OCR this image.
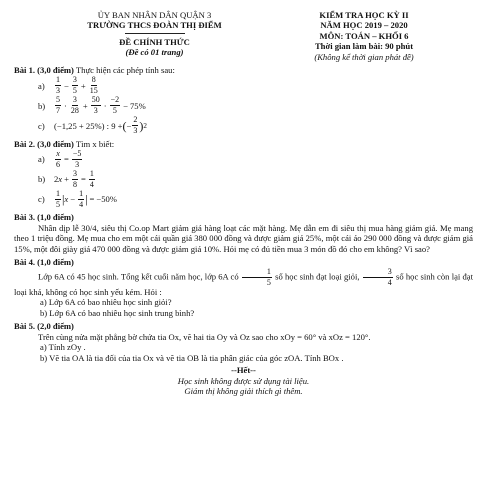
ỦY BAN NHÂN DÂN QUẬN 3
TRƯỜNG THCS ĐOÀN THỊ ĐIỂM
ĐỀ CHÍNH THỨC
(Đề có 01 trang)
KIỂM TRA HỌC KỲ II
NĂM HỌC 2019 – 2020
MÔN: TOÁN – KHỐI 6
Thời gian làm bài: 90 phút
(Không kể thời gian phát đề)
Bài 1. (3,0 điểm) Thực hiện các phép tính sau:
a)	$\frac{1}{3} - \frac{3}{5} + \frac{8}{15}$
b)	$\frac{5}{7} \cdot \frac{3}{28} + \frac{50}{3} \cdot \frac{-2}{5} - 75\%$
c)	(−1,25 + 25%) : 9 + ( − $\frac{2}{3}$ ) 2
Bài 2. (3,0 điểm) Tìm x biết:
a)	$\frac{x}{6} = \frac{-5}{3}$
b)	2 $x + \frac{3}{8} = \frac{1}{4}$
c)	$\frac{1}{5}$ | $x - \frac{1}{4}$ | = −50%
Bài 3. (1,0 điểm)
Nhân dịp lễ 30/4, siêu thị Co.op Mart giảm giá hàng loạt các mặt hàng. Mẹ dẫn em đi siêu thị mua hàng giảm giá. Mẹ mang theo 1 triệu đồng. Mẹ mua cho em một cái quần giá 380 000 đồng và được giảm giá 25%, một cái áo 290 000 đồng và được giảm giá 15%, một đôi giày giá 470 000 đồng và được giảm giá 10%. Hỏi mẹ có đủ tiền mua 3 món đồ đó cho em không? Vì sao?
Bài 4. (1,0 điểm)
Lớp 6A có 45 học sinh. Tổng kết cuối năm học, lớp 6A có $\frac{1}{5}$ số học sinh đạt loại giỏi, $\frac{3}{4}$ số học sinh còn lại đạt loại khá, không có học sinh yếu kém. Hỏi :
a) Lớp 6A có bao nhiêu học sinh giỏi?
b) Lớp 6A có bao nhiêu học sinh trung bình?
Bài 5. (2,0 điểm)
Trên cùng nửa mặt phẳng bờ chứa tia Ox, vẽ hai tia Oy và Oz sao cho xOy = 60° và xOz = 120°.
a) Tính zOy .
b) Vẽ tia OA là tia đối của tia Ox và vẽ tia OB là tia phân giác của góc zOA. Tính BOx .
--Hết--
Học sinh không được sử dụng tài liệu.
Giám thị không giải thích gì thêm.
